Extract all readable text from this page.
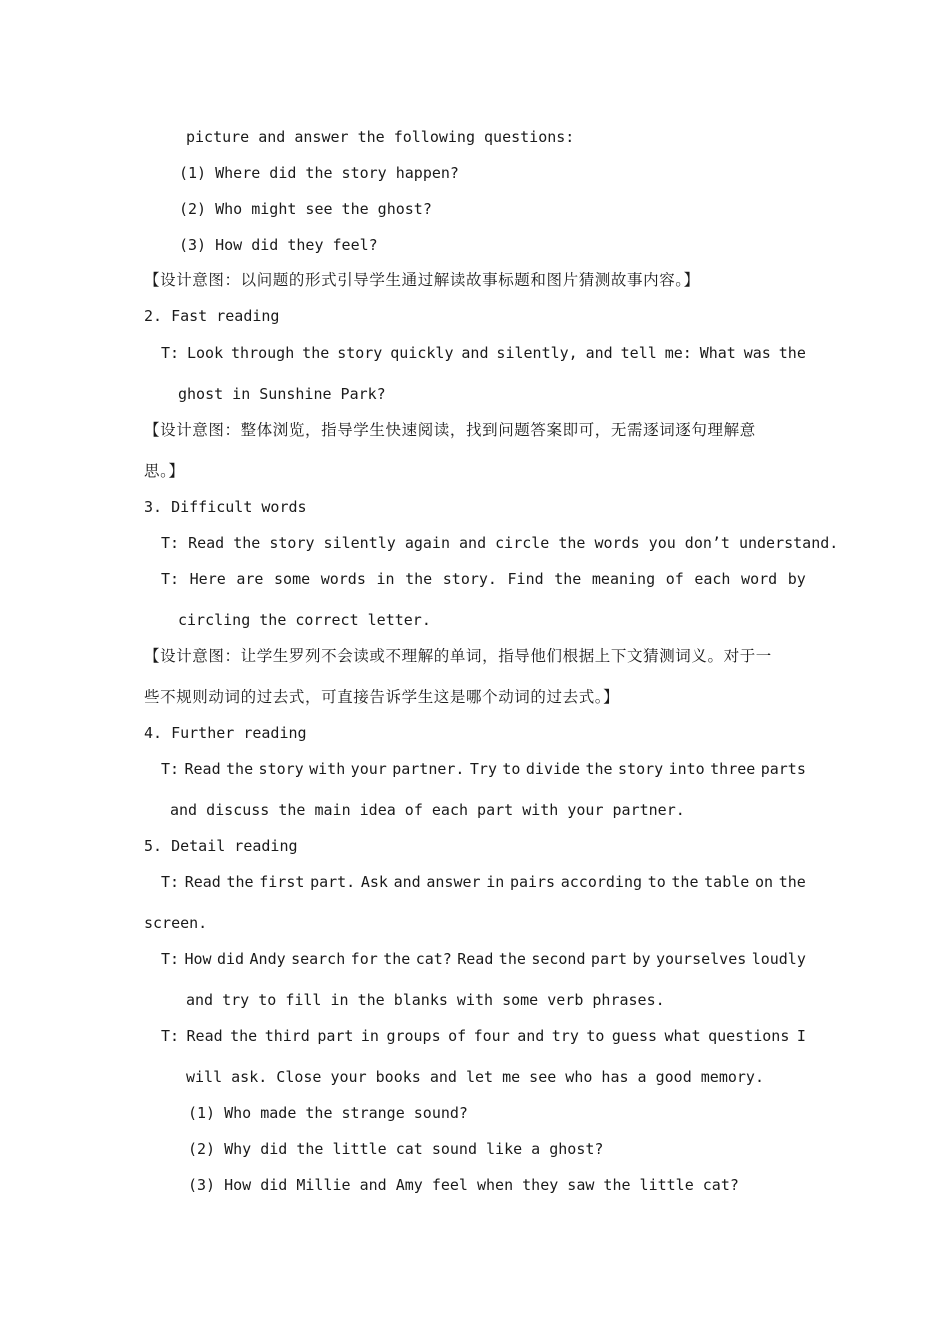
picture and answer the following questions:
(1) Where did the story happen?
(2) Who might see the ghost?
(3) How did they feel?
【设计意图：以问题的形式引导学生通过解读故事标题和图片猜测故事内容。】
2. Fast reading
T: Look through the story quickly and silently, and tell me: What was the
ghost in Sunshine Park?
【设计意图：整体浏览，指导学生快速阅读，找到问题答案即可，无需逐词逐句理解意
思。】
3. Difficult words
T: Read the story silently again and circle the words you don’t understand.
T: Here are some words in the story. Find the meaning of each word by
circling the correct letter.
【设计意图：让学生罗列不会读或不理解的单词，指导他们根据上下文猜测词义。对于一
些不规则动词的过去式，可直接告诉学生这是哪个动词的过去式。】
4. Further reading
T: Read the story with your partner. Try to divide the story into three parts
and discuss the main idea of each part with your partner.
5. Detail reading
T: Read the first part. Ask and answer in pairs according to the table on the
screen.
T: How did Andy search for the cat? Read the second part by yourselves loudly
and try to fill in the blanks with some verb phrases.
T: Read the third part in groups of four and try to guess what questions I
will ask. Close your books and let me see who has a good memory.
(1) Who made the strange sound?
(2) Why did the little cat sound like a ghost?
(3) How did Millie and Amy feel when they saw the little cat?
